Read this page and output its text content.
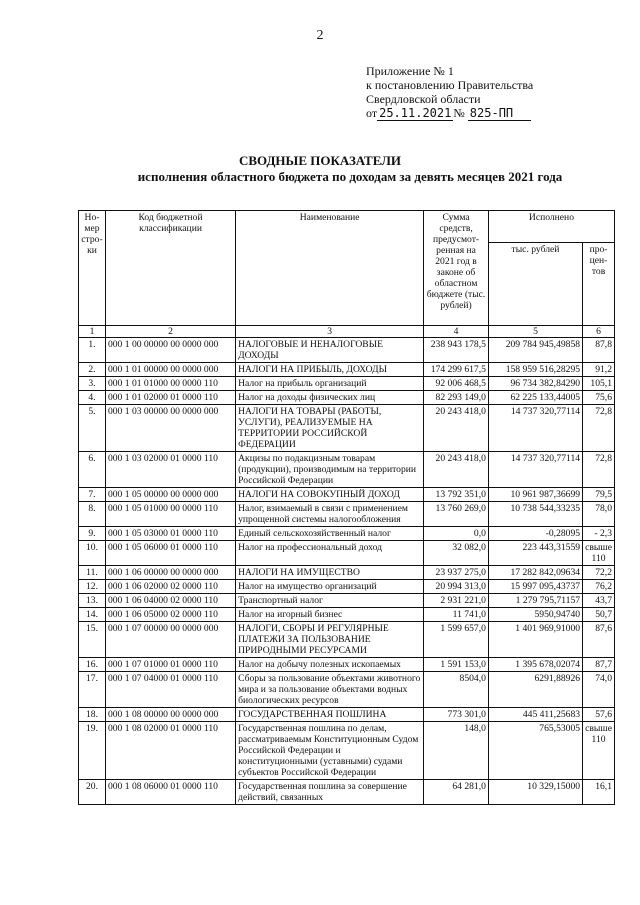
2
Приложение № 1
к постановлению Правительства
Свердловской области
от 25.11.2021 № 825-ПП
СВОДНЫЕ ПОКАЗАТЕЛИ
исполнения областного бюджета по доходам за девять месяцев 2021 года
Но-мер стро-ки	Код бюджетной классификации	Наименование	Сумма средств, предусмот-ренная на 2021 год в законе об областном бюджете (тыс. рублей)	Исполнено	
				тыс. рублей	про-цен-тов
1	2	3	4	5	6
1.	000 1 00 00000 00 0000 000	НАЛОГОВЫЕ И НЕНАЛОГОВЫЕ ДОХОДЫ	238 943 178,5	209 784 945,49858	87,8
2.	000 1 01 00000 00 0000 000	НАЛОГИ НА ПРИБЫЛЬ, ДОХОДЫ	174 299 617,5	158 959 516,28295	91,2
3.	000 1 01 01000 00 0000 110	Налог на прибыль организаций	92 006 468,5	96 734 382,84290	105,1
4.	000 1 01 02000 01 0000 110	Налог на доходы физических лиц	82 293 149,0	62 225 133,44005	75,6
5.	000 1 03 00000 00 0000 000	НАЛОГИ НА ТОВАРЫ (РАБОТЫ, УСЛУГИ), РЕАЛИЗУЕМЫЕ НА ТЕРРИТОРИИ РОССИЙСКОЙ ФЕДЕРАЦИИ	20 243 418,0	14 737 320,77114	72,8
6.	000 1 03 02000 01 0000 110	Акцизы по подакцизным товарам (продукции), производимым на территории Российской Федерации	20 243 418,0	14 737 320,77114	72,8
7.	000 1 05 00000 00 0000 000	НАЛОГИ НА СОВОКУПНЫЙ ДОХОД	13 792 351,0	10 961 987,36699	79,5
8.	000 1 05 01000 00 0000 110	Налог, взимаемый в связи с применением упрощенной системы налогообложения	13 760 269,0	10 738 544,33235	78,0
9.	000 1 05 03000 01 0000 110	Единый сельскохозяйственный налог	0,0	-0,28095	- 2,3
10.	000 1 05 06000 01 0000 110	Налог на профессиональный доход	32 082,0	223 443,31559	свыше 110
11.	000 1 06 00000 00 0000 000	НАЛОГИ НА ИМУЩЕСТВО	23 937 275,0	17 282 842,09634	72,2
12.	000 1 06 02000 02 0000 110	Налог на имущество организаций	20 994 313,0	15 997 095,43737	76,2
13.	000 1 06 04000 02 0000 110	Транспортный налог	2 931 221,0	1 279 795,71157	43,7
14.	000 1 06 05000 02 0000 110	Налог на игорный бизнес	11 741,0	5950,94740	50,7
15.	000 1 07 00000 00 0000 000	НАЛОГИ, СБОРЫ И РЕГУЛЯРНЫЕ ПЛАТЕЖИ ЗА ПОЛЬЗОВАНИЕ ПРИРОДНЫМИ РЕСУРСАМИ	1 599 657,0	1 401 969,91000	87,6
16.	000 1 07 01000 01 0000 110	Налог на добычу полезных ископаемых	1 591 153,0	1 395 678,02074	87,7
17.	000 1 07 04000 01 0000 110	Сборы за пользование объектами животного мира и за пользование объектами водных биологических ресурсов	8504,0	6291,88926	74,0
18.	000 1 08 00000 00 0000 000	ГОСУДАРСТВЕННАЯ ПОШЛИНА	773 301,0	445 411,25683	57,6
19.	000 1 08 02000 01 0000 110	Государственная пошлина по делам, рассматриваемым Конституционным Судом Российской Федерации и конституционными (уставными) судами субъектов Российской Федерации	148,0	765,53005	свыше 110
20.	000 1 08 06000 01 0000 110	Государственная пошлина за совершение действий, связанных	64 281,0	10 329,15000	16,1
